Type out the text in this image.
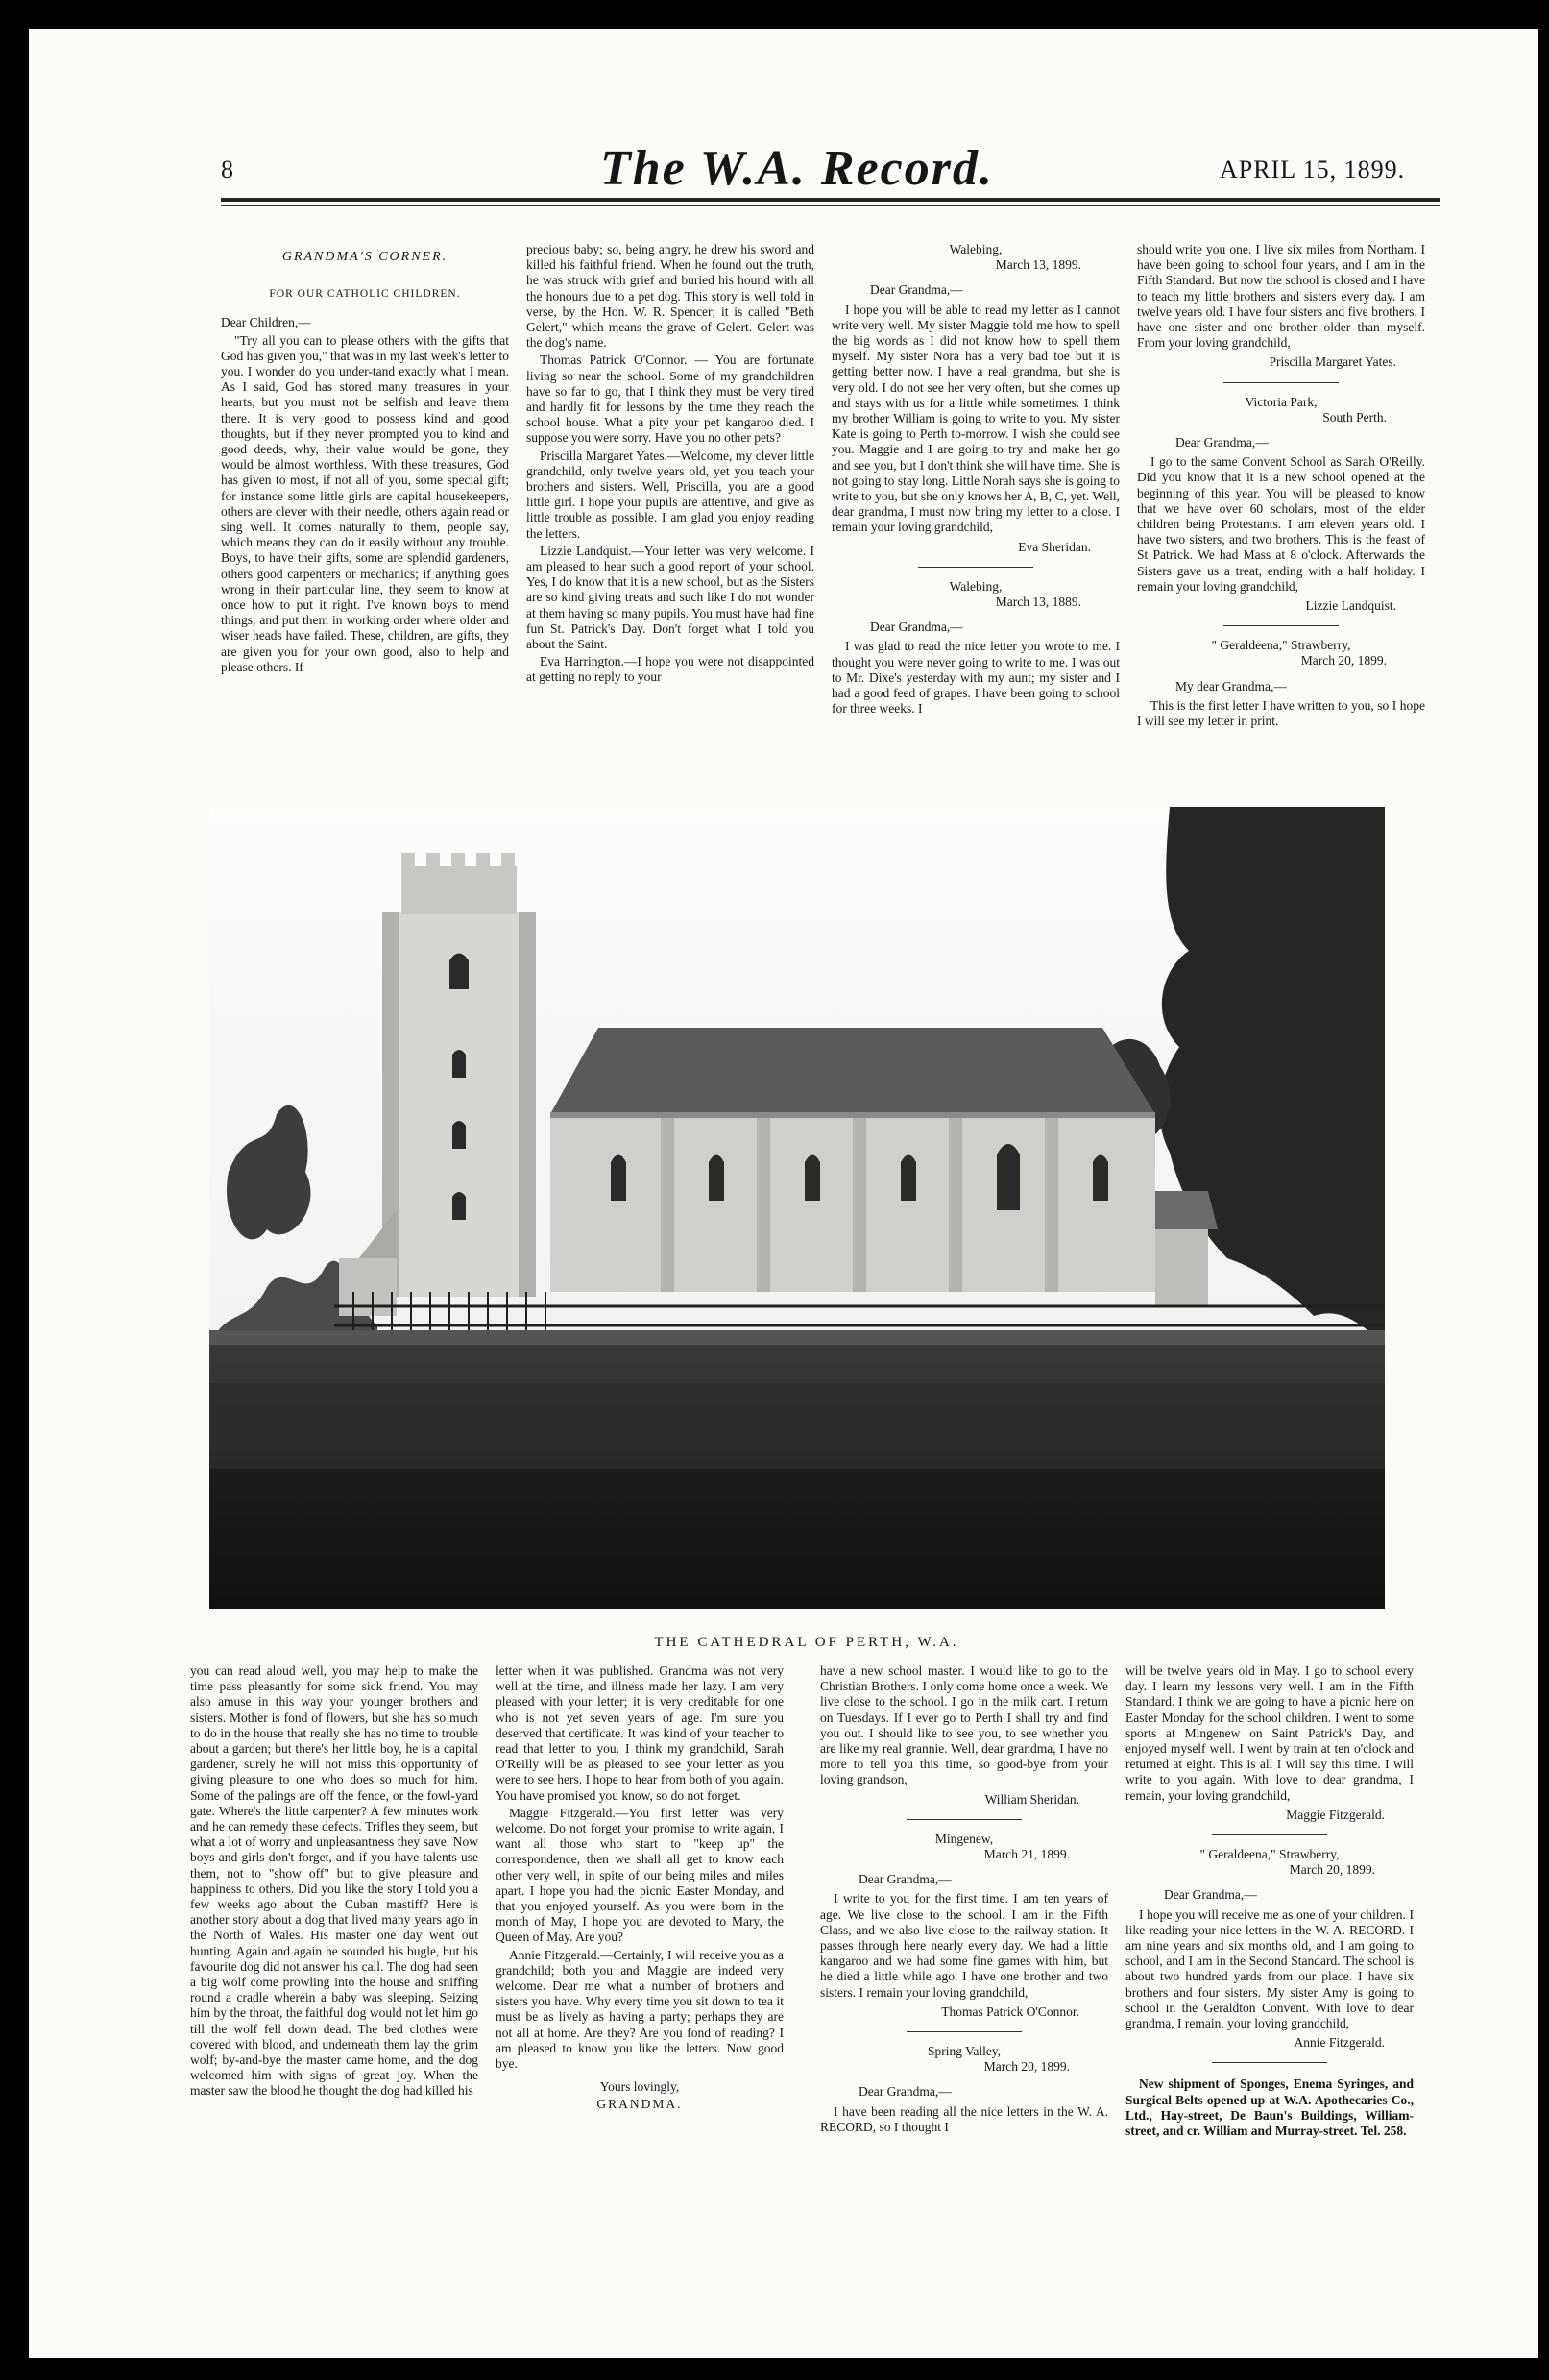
8	The W.A. Record.	APRIL 15, 1899.

GRANDMA'S CORNER.

FOR OUR CATHOLIC CHILDREN.

Dear Children,—

"Try all you can to please others with the gifts that God has given you," that was in my last week's letter to you. I wonder do you under-tand exactly what I mean. As I said, God has stored many treasures in your hearts, but you must not be selfish and leave them there. It is very good to possess kind and good thoughts, but if they never prompted you to kind and good deeds, why, their value would be gone, they would be almost worthless. With these treasures, God has given to most, if not all of you, some special gift; for instance some little girls are capital housekeepers, others are clever with their needle, others again read or sing well. It comes naturally to them, people say, which means they can do it easily without any trouble. Boys, to have their gifts, some are splendid gardeners, others good carpenters or mechanics; if anything goes wrong in their particular line, they seem to know at once how to put it right. I've known boys to mend things, and put them in working order where older and wiser heads have failed. These, children, are gifts, they are given you for your own good, also to help and please others. If

precious baby; so, being angry, he drew his sword and killed his faithful friend. When he found out the truth, he was struck with grief and buried his hound with all the honours due to a pet dog. This story is well told in verse, by the Hon. W. R. Spencer; it is called "Beth Gelert," which means the grave of Gelert. Gelert was the dog's name.

Thomas Patrick O'Connor. — You are fortunate living so near the school. Some of my grandchildren have so far to go, that I think they must be very tired and hardly fit for lessons by the time they reach the school house. What a pity your pet kangaroo died. I suppose you were sorry. Have you no other pets?

Priscilla Margaret Yates.—Welcome, my clever little grandchild, only twelve years old, yet you teach your brothers and sisters. Well, Priscilla, you are a good little girl. I hope your pupils are attentive, and give as little trouble as possible. I am glad you enjoy reading the letters.

Lizzie Landquist.—Your letter was very welcome. I am pleased to hear such a good report of your school. Yes, I do know that it is a new school, but as the Sisters are so kind giving treats and such like I do not wonder at them having so many pupils. You must have had fine fun St. Patrick's Day. Don't forget what I told you about the Saint.

Eva Harrington.—I hope you were not disappointed at getting no reply to your

Walebing,

March 13, 1899.

Dear Grandma,—

I hope you will be able to read my letter as I cannot write very well. My sister Maggie told me how to spell the big words as I did not know how to spell them myself. My sister Nora has a very bad toe but it is getting better now. I have a real grandma, but she is very old. I do not see her very often, but she comes up and stays with us for a little while sometimes. I think my brother William is going to write to you. My sister Kate is going to Perth to-morrow. I wish she could see you. Maggie and I are going to try and make her go and see you, but I don't think she will have time. She is not going to stay long. Little Norah says she is going to write to you, but she only knows her A, B, C, yet. Well, dear grandma, I must now bring my letter to a close. I remain your loving grandchild,

Eva Sheridan.

Walebing,

March 13, 1889.

Dear Grandma,—

I was glad to read the nice letter you wrote to me. I thought you were never going to write to me. I was out to Mr. Dixe's yesterday with my aunt; my sister and I had a good feed of grapes. I have been going to school for three weeks. I

should write you one. I live six miles from Northam. I have been going to school four years, and I am in the Fifth Standard. But now the school is closed and I have to teach my little brothers and sisters every day. I am twelve years old. I have four sisters and five brothers. I have one sister and one brother older than myself. From your loving grandchild,

Priscilla Margaret Yates.

Victoria Park,

South Perth.

Dear Grandma,—

I go to the same Convent School as Sarah O'Reilly. Did you know that it is a new school opened at the beginning of this year. You will be pleased to know that we have over 60 scholars, most of the elder children being Protestants. I am eleven years old. I have two sisters, and two brothers. This is the feast of St Patrick. We had Mass at 8 o'clock. Afterwards the Sisters gave us a treat, ending with a half holiday. I remain your loving grandchild,

Lizzie Landquist.

" Geraldeena," Strawberry,

March 20, 1899.

My dear Grandma,—

This is the first letter I have written to you, so I hope I will see my letter in print.

THE CATHEDRAL OF PERTH, W.A.

you can read aloud well, you may help to make the time pass pleasantly for some sick friend. You may also amuse in this way your younger brothers and sisters. Mother is fond of flowers, but she has so much to do in the house that really she has no time to trouble about a garden; but there's her little boy, he is a capital gardener, surely he will not miss this opportunity of giving pleasure to one who does so much for him. Some of the palings are off the fence, or the fowl-yard gate. Where's the little carpenter? A few minutes work and he can remedy these defects. Trifles they seem, but what a lot of worry and unpleasantness they save. Now boys and girls don't forget, and if you have talents use them, not to "show off" but to give pleasure and happiness to others. Did you like the story I told you a few weeks ago about the Cuban mastiff? Here is another story about a dog that lived many years ago in the North of Wales. His master one day went out hunting. Again and again he sounded his bugle, but his favourite dog did not answer his call. The dog had seen a big wolf come prowling into the house and sniffing round a cradle wherein a baby was sleeping. Seizing him by the throat, the faithful dog would not let him go till the wolf fell down dead. The bed clothes were covered with blood, and underneath them lay the grim wolf; by-and-bye the master came home, and the dog welcomed him with signs of great joy. When the master saw the blood he thought the dog had killed his

letter when it was published. Grandma was not very well at the time, and illness made her lazy. I am very pleased with your letter; it is very creditable for one who is not yet seven years of age. I'm sure you deserved that certificate. It was kind of your teacher to read that letter to you. I think my grandchild, Sarah O'Reilly will be as pleased to see your letter as you were to see hers. I hope to hear from both of you again. You have promised you know, so do not forget.

Maggie Fitzgerald.—You first letter was very welcome. Do not forget your promise to write again, I want all those who start to "keep up" the correspondence, then we shall all get to know each other very well, in spite of our being miles and miles apart. I hope you had the picnic Easter Monday, and that you enjoyed yourself. As you were born in the month of May, I hope you are devoted to Mary, the Queen of May. Are you?

Annie Fitzgerald.—Certainly, I will receive you as a grandchild; both you and Maggie are indeed very welcome. Dear me what a number of brothers and sisters you have. Why every time you sit down to tea it must be as lively as having a party; perhaps they are not all at home. Are they? Are you fond of reading? I am pleased to know you like the letters. Now good bye.

Yours lovingly,

GRANDMA.

have a new school master. I would like to go to the Christian Brothers. I only come home once a week. We live close to the school. I go in the milk cart. I return on Tuesdays. If I ever go to Perth I shall try and find you out. I should like to see you, to see whether you are like my real grannie. Well, dear grandma, I have no more to tell you this time, so good-bye from your loving grandson,

William Sheridan.

Mingenew,

March 21, 1899.

Dear Grandma,—

I write to you for the first time. I am ten years of age. We live close to the school. I am in the Fifth Class, and we also live close to the railway station. It passes through here nearly every day. We had a little kangaroo and we had some fine games with him, but he died a little while ago. I have one brother and two sisters. I remain your loving grandchild,

Thomas Patrick O'Connor.

Spring Valley,

March 20, 1899.

Dear Grandma,—

I have been reading all the nice letters in the W. A. RECORD, so I thought I

will be twelve years old in May. I go to school every day. I learn my lessons very well. I am in the Fifth Standard. I think we are going to have a picnic here on Easter Monday for the school children. I went to some sports at Mingenew on Saint Patrick's Day, and enjoyed myself well. I went by train at ten o'clock and returned at eight. This is all I will say this time. I will write to you again. With love to dear grandma, I remain, your loving grandchild,

Maggie Fitzgerald.

" Geraldeena," Strawberry,

March 20, 1899.

Dear Grandma,—

I hope you will receive me as one of your children. I like reading your nice letters in the W. A. RECORD. I am nine years and six months old, and I am going to school, and I am in the Second Standard. The school is about two hundred yards from our place. I have six brothers and four sisters. My sister Amy is going to school in the Geraldton Convent. With love to dear grandma, I remain, your loving grandchild,

Annie Fitzgerald.

New shipment of Sponges, Enema Syringes, and Surgical Belts opened up at W.A. Apothecaries Co., Ltd., Hay-street, De Baun's Buildings, William-street, and cr. William and Murray-street. Tel. 258.
